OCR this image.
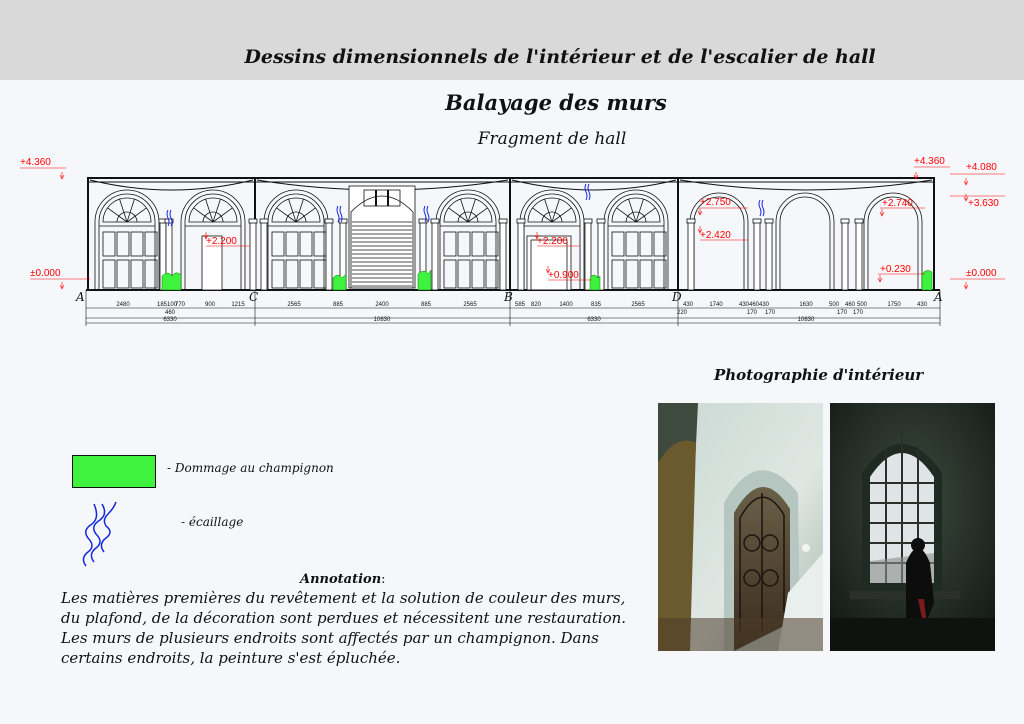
Dessins dimensionnels de l'intérieur et de l'escalier de hall
Balayage des murs
Fragment de hall
+4.360
±0.000
+4.360
+4.080
+3.630
±0.000
+2.200	+2.200
+0.900
+2.750
+2.420
+2.740
+0.230
A	C	B	D	A
2480	185 100
770	900	1215	2565	885	2400	885	2565	585 820	1400	835	2565	430	1740	430 460 430	1630	500 460 500	1750	430
460	220	170 170	170 170
6330	10830	6330	10830
- Dommage au champignon
- écaillage
Annotation:
Les matières premières du revêtement et la solution de couleur des murs, du plafond, de la décoration sont perdues et nécessitent une restauration. Les murs de plusieurs endroits sont affectés par un champignon. Dans certains endroits, la peinture s'est épluchée.
Photographie d'intérieur
